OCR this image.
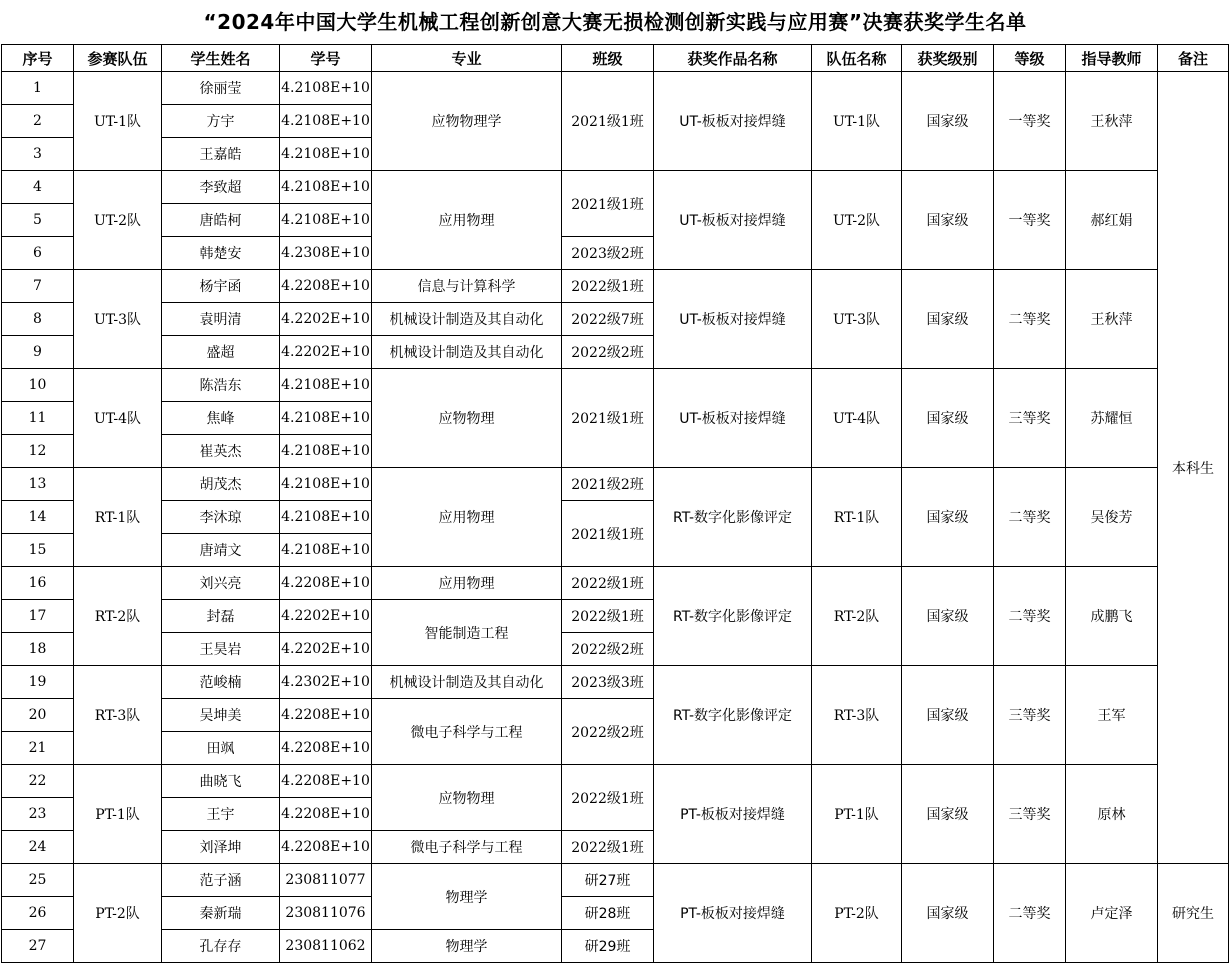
“2024年中国大学生机械工程创新创意大赛无损检测创新实践与应用赛”决赛获奖学生名单
序号	参赛队伍	学生姓名	学号	专业	班级	获奖作品名称	队伍名称	获奖级别	等级	指导教师	备注
1	UT-1队	徐丽莹	4.2108E+10	应物物理学	2021级1班	UT-板板对接焊缝	UT-1队	国家级	一等奖	王秋萍	本科生
2		方宇	4.2108E+10								
3		王嘉皓	4.2108E+10								
4	UT-2队	李致超	4.2108E+10	应用物理	2021级1班	UT-板板对接焊缝	UT-2队	国家级	一等奖	郝红娟	
5		唐皓柯	4.2108E+10								
6		韩楚安	4.2308E+10		2023级2班						
7	UT-3队	杨宇函	4.2208E+10	信息与计算科学	2022级1班	UT-板板对接焊缝	UT-3队	国家级	二等奖	王秋萍	
8		袁明清	4.2202E+10	机械设计制造及其自动化	2022级7班						
9		盛超	4.2202E+10	机械设计制造及其自动化	2022级2班						
10	UT-4队	陈浩东	4.2108E+10	应物物理	2021级1班	UT-板板对接焊缝	UT-4队	国家级	三等奖	苏耀恒	
11		焦峰	4.2108E+10								
12		崔英杰	4.2108E+10								
13	RT-1队	胡茂杰	4.2108E+10	应用物理	2021级2班	RT-数字化影像评定	RT-1队	国家级	二等奖	吴俊芳	
14		李沐琼	4.2108E+10		2021级1班						
15		唐靖文	4.2108E+10								
16	RT-2队	刘兴亮	4.2208E+10	应用物理	2022级1班	RT-数字化影像评定	RT-2队	国家级	二等奖	成鹏飞	
17		封磊	4.2202E+10	智能制造工程	2022级1班						
18		王昊岩	4.2202E+10		2022级2班						
19	RT-3队	范峻楠	4.2302E+10	机械设计制造及其自动化	2023级3班	RT-数字化影像评定	RT-3队	国家级	三等奖	王军	
20		吴坤美	4.2208E+10	微电子科学与工程	2022级2班						
21		田飒	4.2208E+10								
22	PT-1队	曲晓飞	4.2208E+10	应物物理	2022级1班	PT-板板对接焊缝	PT-1队	国家级	三等奖	原林	
23		王宇	4.2208E+10								
24		刘泽坤	4.2208E+10	微电子科学与工程	2022级1班						
25	PT-2队	范子涵	230811077	物理学	研27班	PT-板板对接焊缝	PT-2队	国家级	二等奖	卢定泽	研究生
26		秦新瑞	230811076		研28班						
27		孔存存	230811062	物理学	研29班						
